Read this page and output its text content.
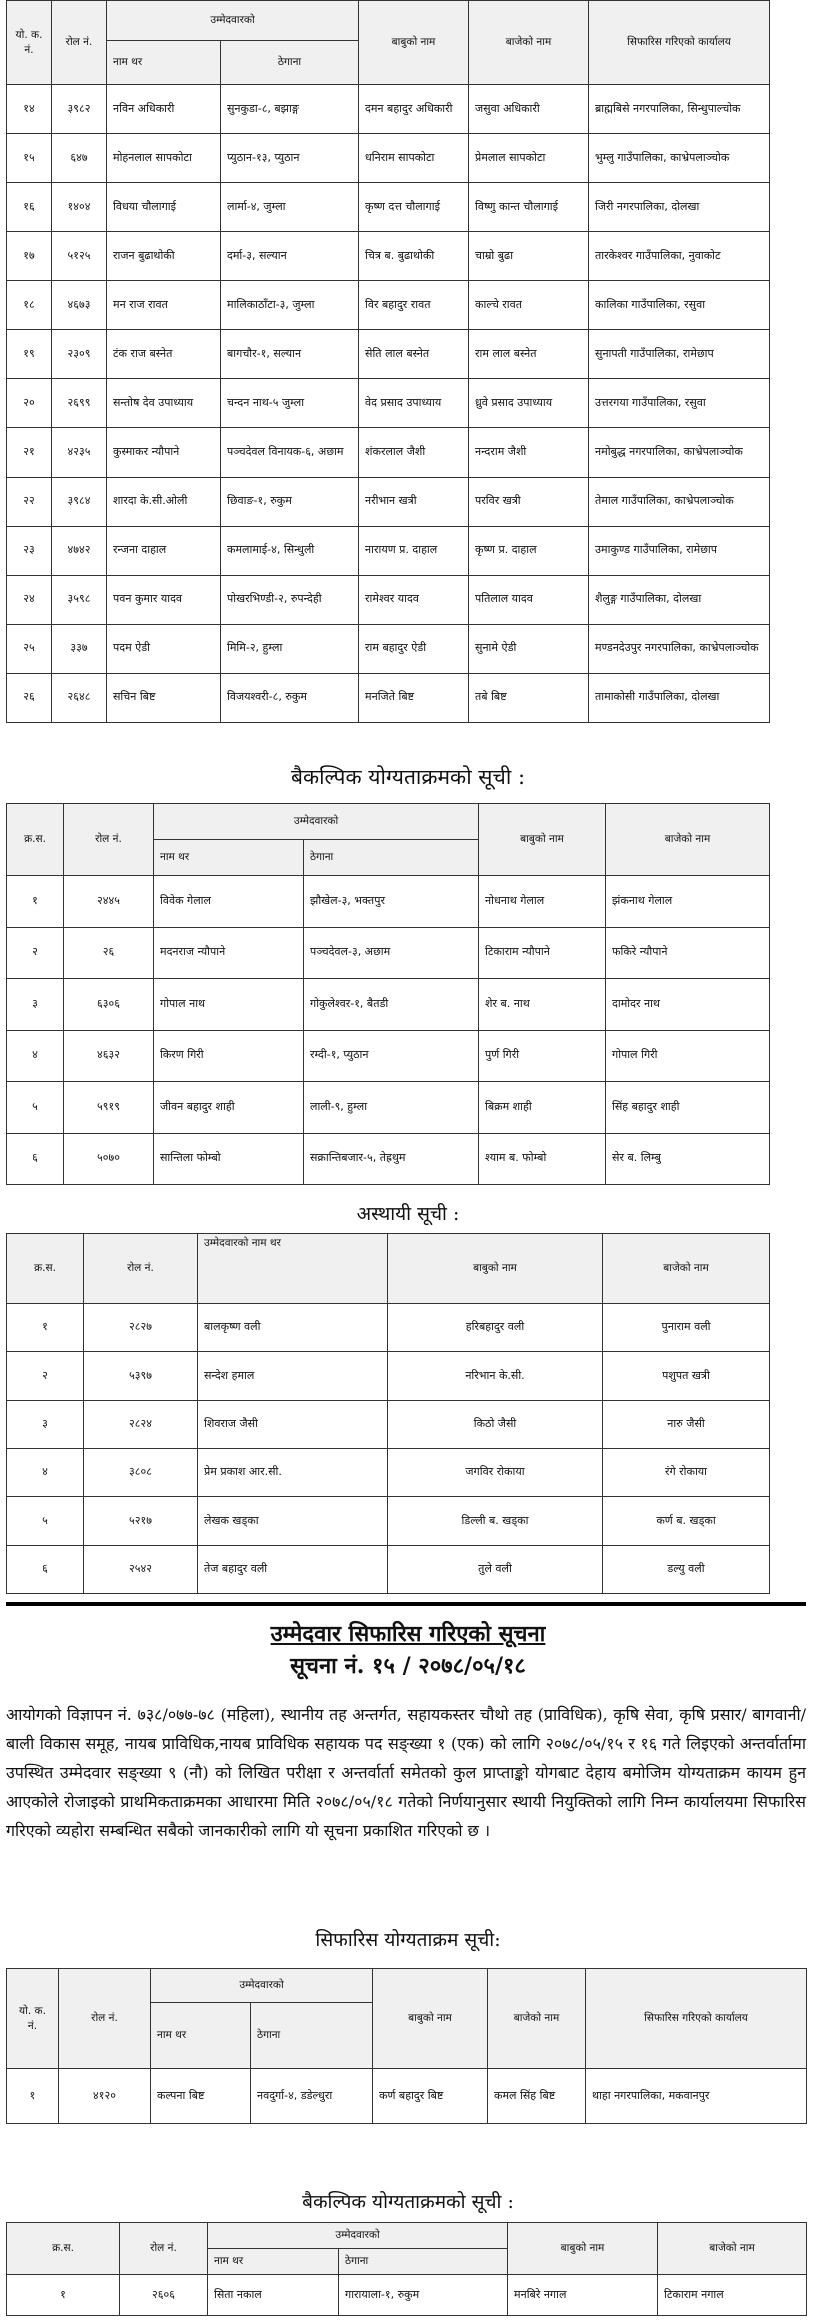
यो. क. नं.	रोल नं.	उम्मेदवारको		बाबुको नाम	बाजेको नाम	सिफारिस गरिएको कार्यालय
		नाम थर	ठेगाना			
१४	३९८२	नविन अधिकारी	सुनकुडा-८, बझाङ्ग	दमन बहादुर अधिकारी	जसुवा अधिकारी	ब्राह्मबिसे नगरपालिका, सिन्धुपाल्चोक
१५	६४७	मोहनलाल सापकोटा	प्युठान-१३, प्युठान	धनिराम सापकोटा	प्रेमलाल सापकोटा	भुम्लु गाउँपालिका, काभ्रेपलाञ्चोक
१६	१४०४	विधया चौलागाई	लार्मा-४, जुम्ला	कृष्ण दत्त चौलागाई	विष्णु कान्त चौलागाई	जिरी नगरपालिका, दोलखा
१७	५१२५	राजन बुढाथोकी	दर्मा-३, सल्यान	चित्र ब. बुढाथोकी	चाम्रो बुढा	तारकेश्वर गाउँपालिका, नुवाकोट
१८	४६७३	मन राज रावत	मालिकाठाँटा-३, जुम्ला	विर बहादुर रावत	काल्चे रावत	कालिका गाउँपालिका, रसुवा
१९	२३०९	टंक राज बस्नेत	बागचौर-१, सल्यान	सेति लाल बस्नेत	राम लाल बस्नेत	सुनापती गाउँपालिका, रामेछाप
२०	२६९९	सन्तोष देव उपाध्याय	चन्दन नाथ-५ जुम्ला	वेद प्रसाद उपाध्याय	ध्रुवे प्रसाद उपाध्याय	उत्तरगया गाउँपालिका, रसुवा
२१	४२३५	कुस्माकर न्यौपाने	पञ्चदेवल विनायक-६, अछाम	शंकरलाल जैशी	नन्दराम जैशी	नमोबुद्ध नगरपालिका, काभ्रेपलाञ्चोक
२२	३९८४	शारदा के.सी.ओली	छिवाङ-१, रुकुम	नरीभान खत्री	परविर खत्री	तेमाल गाउँपालिका, काभ्रेपलाञ्चोक
२३	४७४२	रन्जना दाहाल	कमलामाई-४, सिन्धुली	नारायण प्र. दाहाल	कृष्ण प्र. दाहाल	उमाकुण्ड गाउँपालिका, रामेछाप
२४	३५९८	पवन कुमार यादव	पोखरभिण्डी-२, रुपन्देही	रामेश्वर यादव	पतिलाल यादव	शैलुङ्ग गाउँपालिका, दोलखा
२५	३३७	पदम ऐडी	मिमि-२, हुम्ला	राम बहादुर ऐडी	सुनामे ऐडी	मण्डनदेउपुर नगरपालिका, काभ्रेपलाञ्चोक
२६	२६४८	सचिन बिष्ट	विजयश्वरी-८, रुकुम	मनजिते बिष्ट	तबे बिष्ट	तामाकोसी गाउँपालिका, दोलखा
बैकल्पिक योग्यताक्रमको सूची :
क्र.स.	रोल नं.	उम्मेदवारको		बाबुको नाम	बाजेको नाम
		नाम थर	ठेगाना		
१	२४४५	विवेक गेलाल	झौखेल-३, भक्तपुर	नोधनाथ गेलाल	झंकनाथ गेलाल
२	२६	मदनराज न्यौपाने	पञ्चदेवल-३, अछाम	टिकाराम न्यौपाने	फकिरे न्यौपाने
३	६३०६	गोपाल नाथ	गोकुलेश्वर-१, बैतडी	शेर ब. नाथ	दामोदर नाथ
४	४६३२	किरण गिरी	रम्दी-१, प्युठान	पुर्ण गिरी	गोपाल गिरी
५	५९१९	जीवन बहादुर शाही	लाली-९, हुम्ला	बिक्रम शाही	सिंह बहादुर शाही
६	५०७०	सान्तिला फोम्बो	सक्रान्तिबजार-५, तेह्रथुम	श्याम ब. फोम्बो	सेर ब. लिम्बु
अस्थायी सूची :
क्र.स.	रोल नं.	उम्मेदवारको नाम थर	बाबुको नाम	बाजेको नाम
१	२८२७	बालकृष्ण वली	हरिबहादुर वली	पुनाराम वली
२	५३९७	सन्देश हमाल	नरिभान के.सी.	पशुपत खत्री
३	२८२४	शिवराज जैसी	किठो जैसी	नारु जैसी
४	३८०८	प्रेम प्रकाश आर.सी.	जगविर रोकाया	रंगे रोकाया
५	५२१७	लेखक खड्का	डिल्ली ब. खड्का	कर्ण ब. खड्का
६	२५४२	तेज बहादुर वली	तुले वली	डल्यु वली
उम्मेदवार सिफारिस गरिएको सूचना
सूचना नं. १५ / २०७८/०५/१८
आयोगको विज्ञापन नं. ७३८/०७७-७८ (महिला), स्थानीय तह अन्तर्गत, सहायकस्तर चौथो तह (प्राविधिक), कृषि सेवा, कृषि प्रसार/ बागवानी/ बाली विकास समूह, नायब प्राविधिक,नायब प्राविधिक सहायक पद सङ्ख्या १ (एक) को लागि २०७८/०५/१५ र १६ गते लिइएको अन्तर्वार्तामा उपस्थित उम्मेदवार सङ्ख्या ९ (नौ) को लिखित परीक्षा र अन्तर्वार्ता समेतको कुल प्राप्ताङ्को योगबाट देहाय बमोजिम योग्यताक्रम कायम हुन आएकोले रोजाइको प्राथमिकताक्रमका आधारमा मिति २०७८/०५/१८ गतेको निर्णयानुसार स्थायी नियुक्तिको लागि निम्न कार्यालयमा सिफारिस गरिएको व्यहोरा सम्बन्धित सबैको जानकारीको लागि यो सूचना प्रकाशित गरिएको छ ।
सिफारिस योग्यताक्रम सूची:
यो. क. नं.	रोल नं.	उम्मेदवारको		बाबुको नाम	बाजेको नाम	सिफारिस गरिएको कार्यालय
		नाम थर	ठेगाना			
१	४१२०	कल्पना बिष्ट	नवदुर्गा-४, डडेल्धुरा	कर्ण बहादुर बिष्ट	कमल सिंह बिष्ट	थाहा नगरपालिका, मकवानपुर
बैकल्पिक योग्यताक्रमको सूची :
क्र.स.	रोल नं.	उम्मेदवारको		बाबुको नाम	बाजेको नाम
		नाम थर	ठेगाना		
१	२६०६	सिता नकाल	गारायाला-१, रुकुम	मनबिरे नगाल	टिकाराम नगाल
